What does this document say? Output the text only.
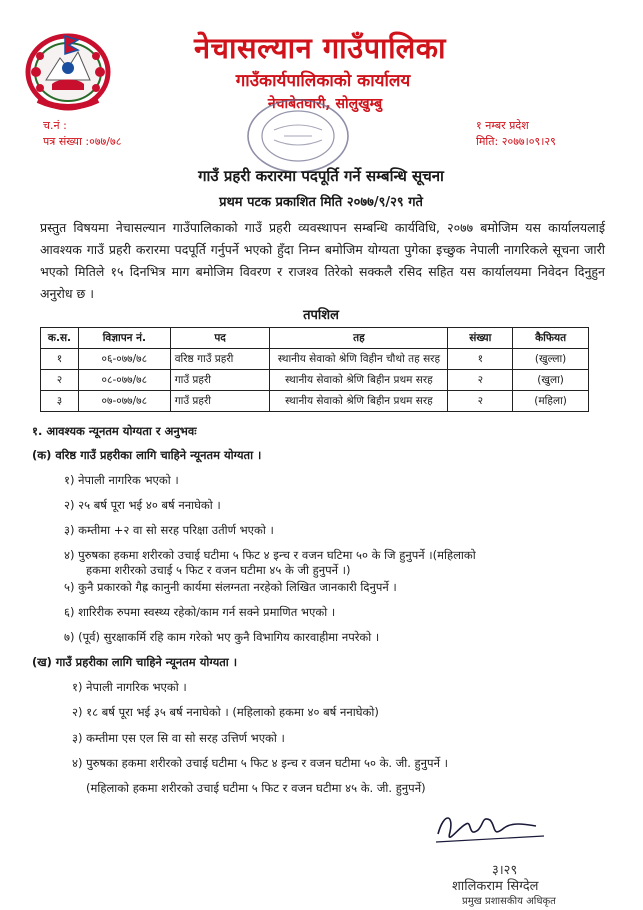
नेचासल्यान गाउँपालिका
गाउँकार्यपालिकाको कार्यालय
नेचाबेतघारी, सोलुखुम्बु
च.नं :
पत्र संख्या :०७७/७८
१ नम्बर प्रदेश
मिति: २०७७।०९।२९
गाउँ प्रहरी करारमा पदपूर्ति गर्ने सम्बन्धि सूचना
प्रथम पटक प्रकाशित मिति २०७७/९/२९ गते
प्रस्तुत विषयमा नेचासल्यान गाउँपालिकाको गाउँ प्रहरी व्यवस्थापन सम्बन्धि कार्यविधि, २०७७ बमोजिम यस कार्यालयलाई आवश्यक गाउँ प्रहरी करारमा पदपूर्ति गर्नुपर्ने भएको हुँदा निम्न बमोजिम योग्यता पुगेका इच्छुक नेपाली नागरिकले सूचना जारी भएको मितिले १५ दिनभित्र माग बमोजिम विवरण र राजश्व तिरेको सक्कलै रसिद सहित यस कार्यालयमा निवेदन दिनुहुन अनुरोध छ ।
तपशिल
क.स.	विज्ञापन नं.	पद	तह	संख्या	कैफियत
१	०६-०७७/७८	वरिष्ठ गाउँ प्रहरी	स्थानीय सेवाको श्रेणि विहीन चौथो तह सरह	१	(खुल्ला)
२	०८-०७७/७८	गाउँ प्रहरी	स्थानीय सेवाको श्रेणि बिहीन प्रथम सरह	२	(खुला)
३	०७-०७७/७८	गाउँ प्रहरी	स्थानीय सेवाको श्रेणि बिहीन प्रथम सरह	२	(महिला)
१. आवश्यक न्यूनतम योग्यता र अनुभवः
(क) वरिष्ठ गाउँ प्रहरीका लागि चाहिने न्यूनतम योग्यता ।
१) नेपाली नागरिक भएको ।
२) २५ बर्ष पूरा भई ४० बर्ष ननाघेको ।
३) कम्तीमा +२ वा सो सरह परिक्षा उतीर्ण भएको ।
४) पुरुषका हकमा शरीरको उचाई घटीमा ५ फिट ४ इन्च र वजन घटिमा ५० के जि हुनुपर्ने ।(महिलाको
हकमा शरीरको उचाई ५ फिट र वजन घटीमा ४५ के जी हुनुपर्ने ।)
५) कुनै प्रकारको गैह्र कानुनी कार्यमा संलग्नता नरहेको लिखित जानकारी दिनुपर्ने ।
६) शारिरीक रुपमा स्वस्थ्य रहेको/काम गर्न सक्ने प्रमाणित भएको ।
७) (पूर्व) सुरक्षाकर्मि रहि काम गरेको भए कुनै विभागिय कारवाहीमा नपरेको ।
(ख) गाउँ प्रहरीका लागि चाहिने न्यूनतम योग्यता ।
१) नेपाली नागरिक भएको ।
२) १८ बर्ष पूरा भई ३५ बर्ष ननाघेको । (महिलाको हकमा ४० बर्ष ननाघेको)
३) कम्तीमा एस एल सि वा सो सरह उत्तिर्ण भएको ।
४) पुरुषका हकमा शरीरको उचाई घटीमा ५ फिट ४ इन्च र वजन घटीमा ५० के. जी. हुनुपर्ने ।
(महिलाको हकमा शरीरको उचाई घटीमा ५ फिट र वजन घटीमा ४५ के. जी. हुनुपर्ने)
३।२९
शालिकराम सिग्देल
प्रमुख प्रशासकीय अधिकृत
